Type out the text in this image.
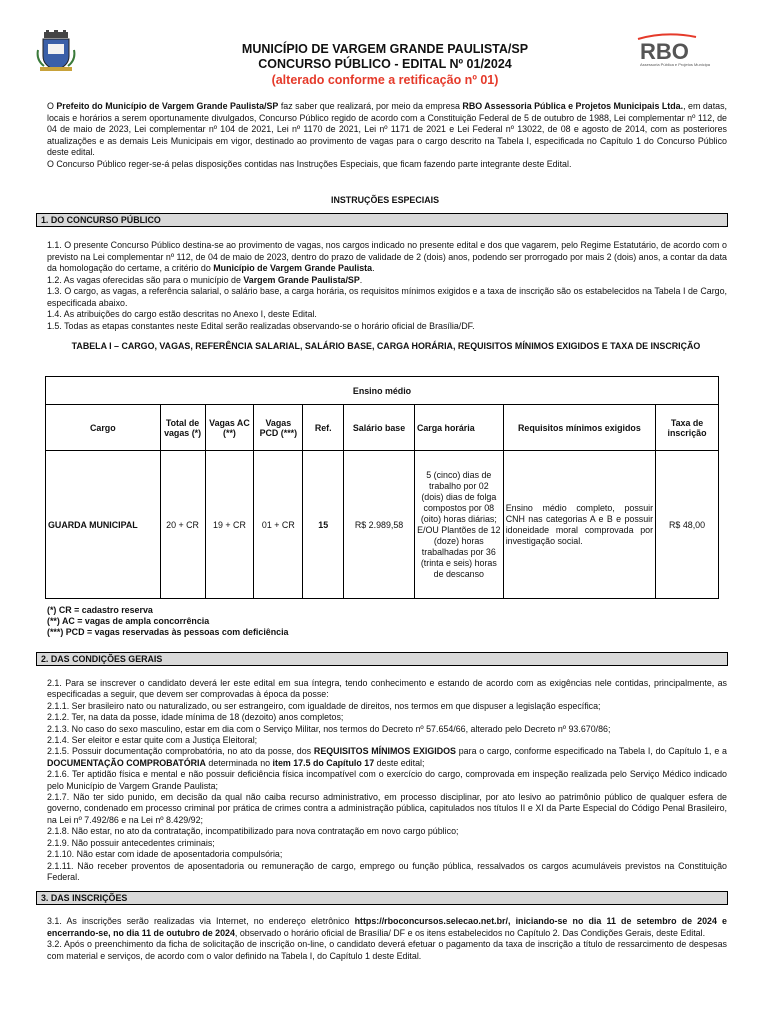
RBO
Assessoria Pública e Projetos Municipais
MUNICÍPIO DE VARGEM GRANDE PAULISTA/SP
CONCURSO PÚBLICO - EDITAL Nº 01/2024
(alterado conforme a retificação nº 01)

O Prefeito do Município de Vargem Grande Paulista/SP faz saber que realizará, por meio da empresa RBO Assessoria Pública e Projetos Municipais Ltda., em datas, locais e horários a serem oportunamente divulgados, Concurso Público regido de acordo com a Constituição Federal de 5 de outubro de 1988, Lei complementar nº 112, de 04 de maio de 2023, Lei complementar nº 104 de 2021, Lei nº 1170 de 2021, Lei nº 1171 de 2021 e Lei Federal nº 13022, de 08 e agosto de 2014, com as posteriores atualizações e as demais Leis Municipais em vigor, destinado ao provimento de vagas para o cargo descrito na Tabela I, especificada no Capítulo 1 do Concurso Público deste edital.

O Concurso Público reger-se-á pelas disposições contidas nas Instruções Especiais, que ficam fazendo parte integrante deste Edital.

INSTRUÇÕES ESPECIAIS
1. DO CONCURSO PÚBLICO

1.1. O presente Concurso Público destina-se ao provimento de vagas, nos cargos indicado no presente edital e dos que vagarem, pelo Regime Estatutário, de acordo com o previsto na Lei complementar nº 112, de 04 de maio de 2023, dentro do prazo de validade de 2 (dois) anos, podendo ser prorrogado por mais 2 (dois) anos, a contar da data da homologação do certame, a critério do Município de Vargem Grande Paulista.

1.2. As vagas oferecidas são para o município de Vargem Grande Paulista/SP.

1.3. O cargo, as vagas, a referência salarial, o salário base, a carga horária, os requisitos mínimos exigidos e a taxa de inscrição são os estabelecidos na Tabela I de Cargo, especificada abaixo.

1.4. As atribuições do cargo estão descritas no Anexo I, deste Edital.

1.5. Todas as etapas constantes neste Edital serão realizadas observando-se o horário oficial de Brasília/DF.

TABELA I – CARGO, VAGAS, REFERÊNCIA SALARIAL, SALÁRIO BASE, CARGA HORÁRIA, REQUISITOS MÍNIMOS EXIGIDOS E TAXA DE INSCRIÇÃO
Ensino médio								
Cargo	Total de vagas (*)	Vagas AC (**)	Vagas PCD (***)	Ref.	Salário base	Carga horária	Requisitos mínimos exigidos	Taxa de inscrição
GUARDA MUNICIPAL	20 + CR	19 + CR	01 + CR	15	R$ 2.989,58	5 (cinco) dias de trabalho por 02 (dois) dias de folga compostos por 08 (oito) horas diárias; E/OU Plantões de 12 (doze) horas trabalhadas por 36 (trinta e seis) horas de descanso	Ensino médio completo, possuir CNH nas categorias A e B e possuir idoneidade moral comprovada por investigação social.	R$ 48,00
(*) CR = cadastro reserva
(**) AC = vagas de ampla concorrência
(***) PCD = vagas reservadas às pessoas com deficiência
2. DAS CONDIÇÕES GERAIS

2.1. Para se inscrever o candidato deverá ler este edital em sua íntegra, tendo conhecimento e estando de acordo com as exigências nele contidas, principalmente, as especificadas a seguir, que devem ser comprovadas à época da posse:

2.1.1. Ser brasileiro nato ou naturalizado, ou ser estrangeiro, com igualdade de direitos, nos termos em que dispuser a legislação específica;

2.1.2. Ter, na data da posse, idade mínima de 18 (dezoito) anos completos;

2.1.3. No caso do sexo masculino, estar em dia com o Serviço Militar, nos termos do Decreto nº 57.654/66, alterado pelo Decreto nº 93.670/86;

2.1.4. Ser eleitor e estar quite com a Justiça Eleitoral;

2.1.5. Possuir documentação comprobatória, no ato da posse, dos REQUISITOS MÍNIMOS EXIGIDOS para o cargo, conforme especificado na Tabela I, do Capítulo 1, e a DOCUMENTAÇÃO COMPROBATÓRIA determinada no item 17.5 do Capítulo 17 deste edital;

2.1.6. Ter aptidão física e mental e não possuir deficiência física incompatível com o exercício do cargo, comprovada em inspeção realizada pelo Serviço Médico indicado pelo Município de Vargem Grande Paulista;

2.1.7. Não ter sido punido, em decisão da qual não caiba recurso administrativo, em processo disciplinar, por ato lesivo ao patrimônio público de qualquer esfera de governo, condenado em processo criminal por prática de crimes contra a administração pública, capitulados nos títulos II e XI da Parte Especial do Código Penal Brasileiro, na Lei nº 7.492/86 e na Lei nº 8.429/92;

2.1.8. Não estar, no ato da contratação, incompatibilizado para nova contratação em novo cargo público;

2.1.9. Não possuir antecedentes criminais;

2.1.10. Não estar com idade de aposentadoria compulsória;

2.1.11. Não receber proventos de aposentadoria ou remuneração de cargo, emprego ou função pública, ressalvados os cargos acumuláveis previstos na Constituição Federal.

3. DAS INSCRIÇÕES

3.1. As inscrições serão realizadas via Internet, no endereço eletrônico https://rboconcursos.selecao.net.br/, iniciando-se no dia 11 de setembro de 2024 e encerrando-se, no dia 11 de outubro de 2024, observado o horário oficial de Brasília/ DF e os itens estabelecidos no Capítulo 2. Das Condições Gerais, deste Edital.

3.2. Após o preenchimento da ficha de solicitação de inscrição on-line, o candidato deverá efetuar o pagamento da taxa de inscrição a título de ressarcimento de despesas com material e serviços, de acordo com o valor definido na Tabela I, do Capítulo 1 deste Edital.
